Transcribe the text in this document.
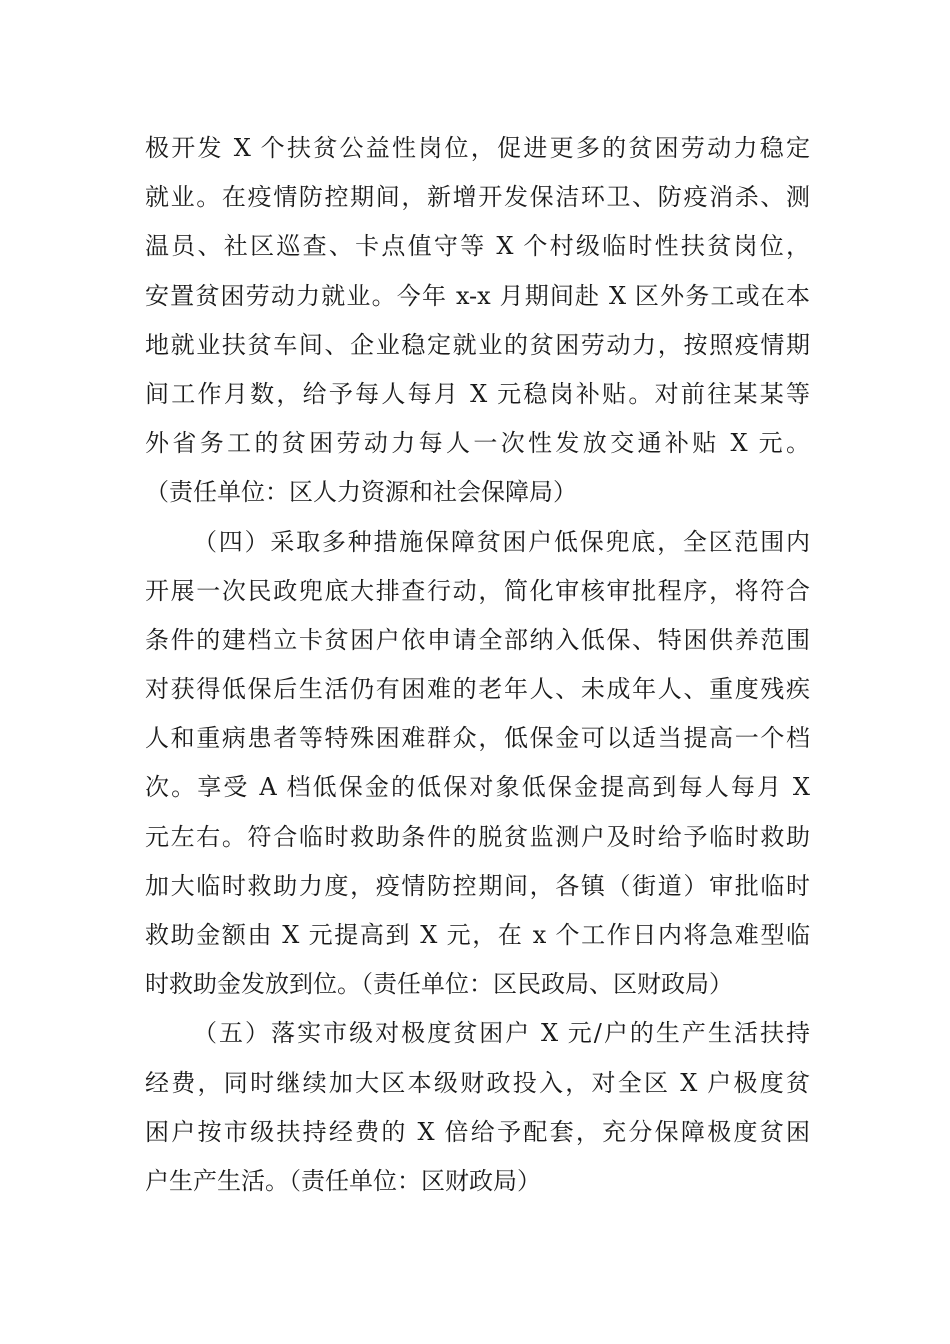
极开发 X 个扶贫公益性岗位，促进更多的贫困劳动力稳定
就业。在疫情防控期间，新增开发保洁环卫、防疫消杀、测
温员、社区巡查、卡点值守等 X 个村级临时性扶贫岗位，
安置贫困劳动力就业。今年 x-x 月期间赴 X 区外务工或在本
地就业扶贫车间、企业稳定就业的贫困劳动力，按照疫情期
间工作月数，给予每人每月 X 元稳岗补贴。对前往某某等
外省务工的贫困劳动力每人一次性发放交通补贴 X 元。
（责任单位：区人力资源和社会保障局）
（四）采取多种措施保障贫困户低保兜底，全区范围内
开展一次民政兜底大排查行动，简化审核审批程序，将符合
条件的建档立卡贫困户依申请全部纳入低保、特困供养范围
对获得低保后生活仍有困难的老年人、未成年人、重度残疾
人和重病患者等特殊困难群众，低保金可以适当提高一个档
次。享受 A 档低保金的低保对象低保金提高到每人每月 X
元左右。符合临时救助条件的脱贫监测户及时给予临时救助
加大临时救助力度，疫情防控期间，各镇（街道）审批临时
救助金额由 X 元提高到 X 元，在 x 个工作日内将急难型临
时救助金发放到位。（责任单位：区民政局、区财政局）
（五）落实市级对极度贫困户 X 元/户的生产生活扶持
经费，同时继续加大区本级财政投入，对全区 X 户极度贫
困户按市级扶持经费的 X 倍给予配套，充分保障极度贫困
户生产生活。（责任单位：区财政局）
